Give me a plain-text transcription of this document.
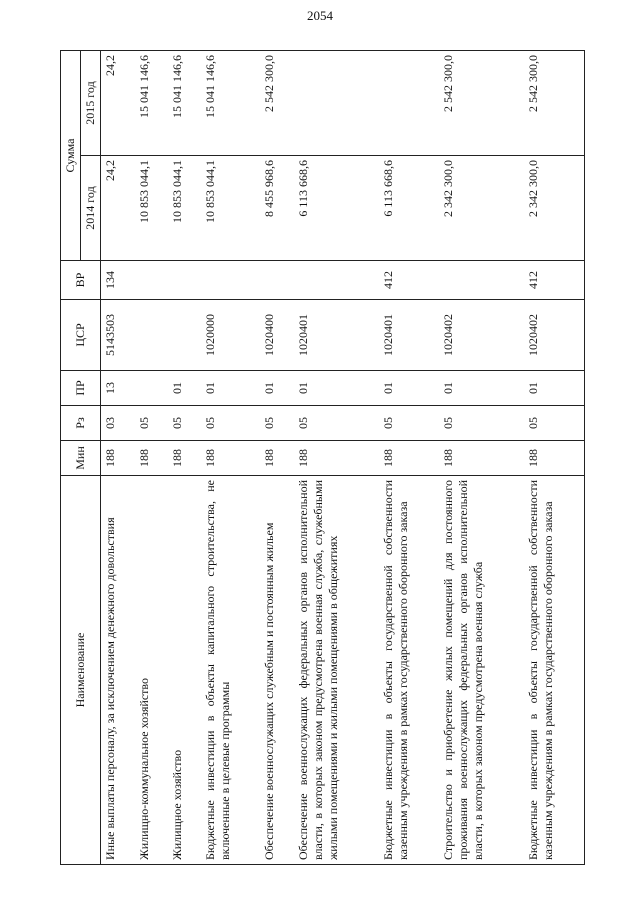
2054
Наименование	Мин	Рз	ПР	ЦСР	ВР	Сумма	
						2014 год	2015 год
Иные выплаты персоналу, за исключением денежного довольствия	188	03	13	5143503	134	24,2	24,2
Жилищно-коммунальное хозяйство	188	05				10 853 044,1	15 041 146,6
Жилищное хозяйство	188	05	01			10 853 044,1	15 041 146,6
Бюджетные инвестиции в объекты капитального строительства, не включенные в целевые программы	188	05	01	1020000		10 853 044,1	15 041 146,6
Обеспечение военнослужащих служебным и постоянным жильем	188	05	01	1020400		8 455 968,6	2 542 300,0
Обеспечение военнослужащих федеральных органов исполнительной власти, в которых законом предусмотрена военная служба, служебными жилыми помещениями и жилыми помещениями в общежитиях	188	05	01	1020401		6 113 668,6	
Бюджетные инвестиции в объекты государственной собственности казенным учреждениям в рамках государственного оборонного заказа	188	05	01	1020401	412	6 113 668,6	
Строительство и приобретение жилых помещений для постоянного проживания военнослужащих федеральных органов исполнительной власти, в которых законом предусмотрена военная служба	188	05	01	1020402		2 342 300,0	2 542 300,0
Бюджетные инвестиции в объекты государственной собственности казенным учреждениям в рамках государственного оборонного заказа	188	05	01	1020402	412	2 342 300,0	2 542 300,0
